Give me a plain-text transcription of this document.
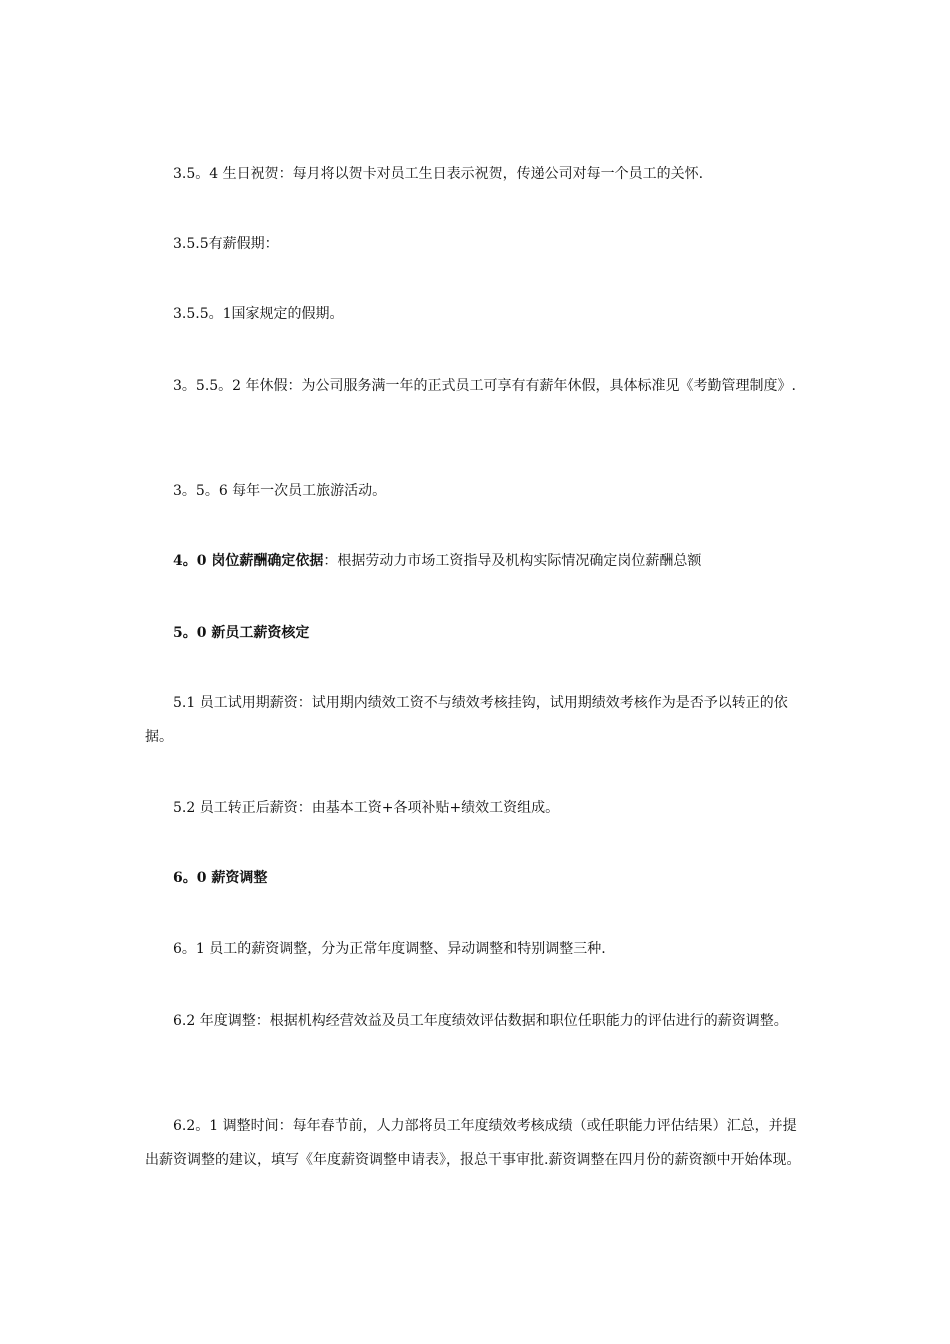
3.5。4 生日祝贺：每月将以贺卡对员工生日表示祝贺，传递公司对每一个员工的关怀.

3.5.5有薪假期：

3.5.5。1国家规定的假期。

3。5.5。2 年休假：为公司服务满一年的正式员工可享有有薪年休假，具体标准见《考勤管理制度》.

3。5。6 每年一次员工旅游活动。

4。0 岗位薪酬确定依据：根据劳动力市场工资指导及机构实际情况确定岗位薪酬总额

5。0 新员工薪资核定

5.1 员工试用期薪资：试用期内绩效工资不与绩效考核挂钩，试用期绩效考核作为是否予以转正的依据。

5.2 员工转正后薪资：由基本工资+各项补贴+绩效工资组成。

6。0 薪资调整

6。1 员工的薪资调整，分为正常年度调整、异动调整和特别调整三种.

6.2 年度调整：根据机构经营效益及员工年度绩效评估数据和职位任职能力的评估进行的薪资调整。

6.2。1 调整时间：每年春节前，人力部将员工年度绩效考核成绩（或任职能力评估结果）汇总，并提出薪资调整的建议，填写《年度薪资调整申请表》，报总干事审批.薪资调整在四月份的薪资额中开始体现。
